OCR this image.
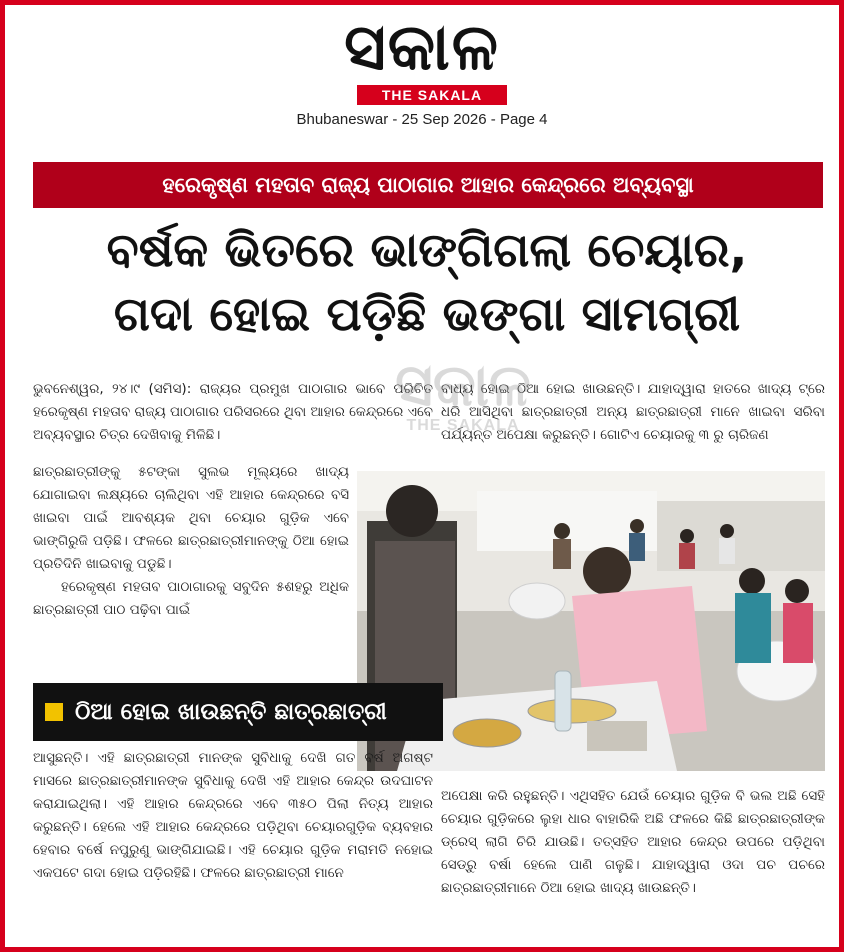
ସକାଳ
THE SAKALA
Bhubaneswar - 25 Sep 2026 - Page 4
ହରେକୃଷ୍ଣ ମହତାବ ରାଜ୍ୟ ପାଠାଗାର ଆହାର କେନ୍ଦ୍ରରେ ଅବ୍ୟବସ୍ଥା
ବର୍ଷକ ଭିତରେ ଭାଙ୍ଗିଗଲା ଚେୟାର,
ଗଦା ହୋଇ ପଡ଼ିଛି ଭଙ୍ଗା ସାମଗ୍ରୀ
ଭୁବନେଶ୍ୱର, ୨୪।୯ (ସମିସ): ରାଜ୍ୟର ପ୍ରମୁଖ ପାଠାଗାର ଭାବେ ପରିଚିତ ହରେକୃଷ୍ଣ ମହତାବ ରାଜ୍ୟ ପାଠାଗାର ପରିସରରେ ଥିବା ଆହାର କେନ୍ଦ୍ରରେ ଏବେ ଅବ୍ୟବସ୍ଥାର ଚିତ୍ର ଦେଖିବାକୁ ମିଳିଛି।
ବାଧ୍ୟ ହୋଇ ଠିଆ ହୋଇ ଖାଉଛନ୍ତି। ଯାହାଦ୍ୱାରା ହାତରେ ଖାଦ୍ୟ ଟ୍ରେ ଧରି ଆସିଥିବା ଛାତ୍ରଛାତ୍ରୀ ଅନ୍ୟ ଛାତ୍ରଛାତ୍ରୀ ମାନେ ଖାଇବା ସରିବା ପର୍ଯ୍ୟନ୍ତ ଅପେକ୍ଷା କରୁଛନ୍ତି। ଗୋଟିଏ ଚେୟାରକୁ ୩ ରୁ ଚାରିଜଣ

ଛାତ୍ରଛାତ୍ରୀଙ୍କୁ ୫ଟଙ୍କା ସୁଲଭ ମୂଲ୍ୟରେ ଖାଦ୍ୟ ଯୋଗାଇବା ଲକ୍ଷ୍ୟରେ ଚାଲିଥିବା ଏହି ଆହାର କେନ୍ଦ୍ରରେ ବସି ଖାଇବା ପାଇଁ ଆବଶ୍ୟକ ଥିବା ଚେୟାର ଗୁଡ଼ିକ ଏବେ ଭାଙ୍ଗିରୁଜି ପଡ଼ିଛି। ଫଳରେ ଛାତ୍ରଛାତ୍ରୀମାନଙ୍କୁ ଠିଆ ହୋଇ ପ୍ରତିଦିନି ଖାଇବାକୁ ପଡୁଛି।

ହରେକୃଷ୍ଣ ମହତାବ ପାଠାଗାରକୁ ସବୁଦିନ ୫ଶହରୁ ଅଧିକ ଛାତ୍ରଛାତ୍ରୀ ପାଠ ପଢ଼ିବା ପାଇଁ

ଠିଆ ହୋଇ ଖାଉଛନ୍ତି ଛାତ୍ରଛାତ୍ରୀ
ଆସୁଛନ୍ତି। ଏହି ଛାତ୍ରଛାତ୍ରୀ ମାନଙ୍କ ସୁବିଧାକୁ ଦେଖି ଗତ ବର୍ଷ ଅଗଷ୍ଟ ମାସରେ ଛାତ୍ରଛାତ୍ରୀମାନଙ୍କ ସୁବିଧାକୁ ଦେଖି ଏହି ଆହାର କେନ୍ଦ୍ର ଉଦଘାଟନ କରାଯାଇଥିଲା। ଏହି ଆହାର କେନ୍ଦ୍ରରେ ଏବେ ୩୫୦ ପିଲା ନିତ୍ୟ ଆହାର କରୁଛନ୍ତି। ହେଲେ ଏହି ଆହାର କେନ୍ଦ୍ରରେ ପଡ଼ିଥିବା ଚେୟାରଗୁଡ଼ିକ ବ୍ୟବହାର ହେବାର ବର୍ଷେ ନପୁରୁଣୁ ଭାଙ୍ଗିଯାଇଛି। ଏହି ଚେୟାର ଗୁଡ଼ିକ ମରାମତି ନହୋଇ ଏକପଟେ ଗଦା ହୋଇ ପଡ଼ିରହିଛି। ଫଳରେ ଛାତ୍ରଛାତ୍ରୀ ମାନେ
ଅପେକ୍ଷା କରି ରହୁଛନ୍ତି। ଏଥିସହିତ ଯେଉଁ ଚେୟାର ଗୁଡ଼ିକ ବି ଭଲ ଅଛି ସେହି ଚେୟାର ଗୁଡ଼ିକରେ ଲୁହା ଧାର ବାହାରିକି ଅଛି ଫଳରେ କିଛି ଛାତ୍ରଛାତ୍ରୀଙ୍କ ଡ୍ରେସ୍ ଲାଗି ଚିରି ଯାଉଛି। ତତ୍‌ସହିତ ଆହାର କେନ୍ଦ୍ର ଉପରେ ପଡ଼ିଥିବା ସେଡ୍‌ରୁ ବର୍ଷା ହେଲେ ପାଣି ଗଳୁଛି। ଯାହାଦ୍ୱାରା ଓଦା ପଚ ପଚରେ ଛାତ୍ରଛାତ୍ରୀମାନେ ଠିଆ ହୋଇ ଖାଦ୍ୟ ଖାଉଛନ୍ତି।
ସକାଳ
THE SAKALA
